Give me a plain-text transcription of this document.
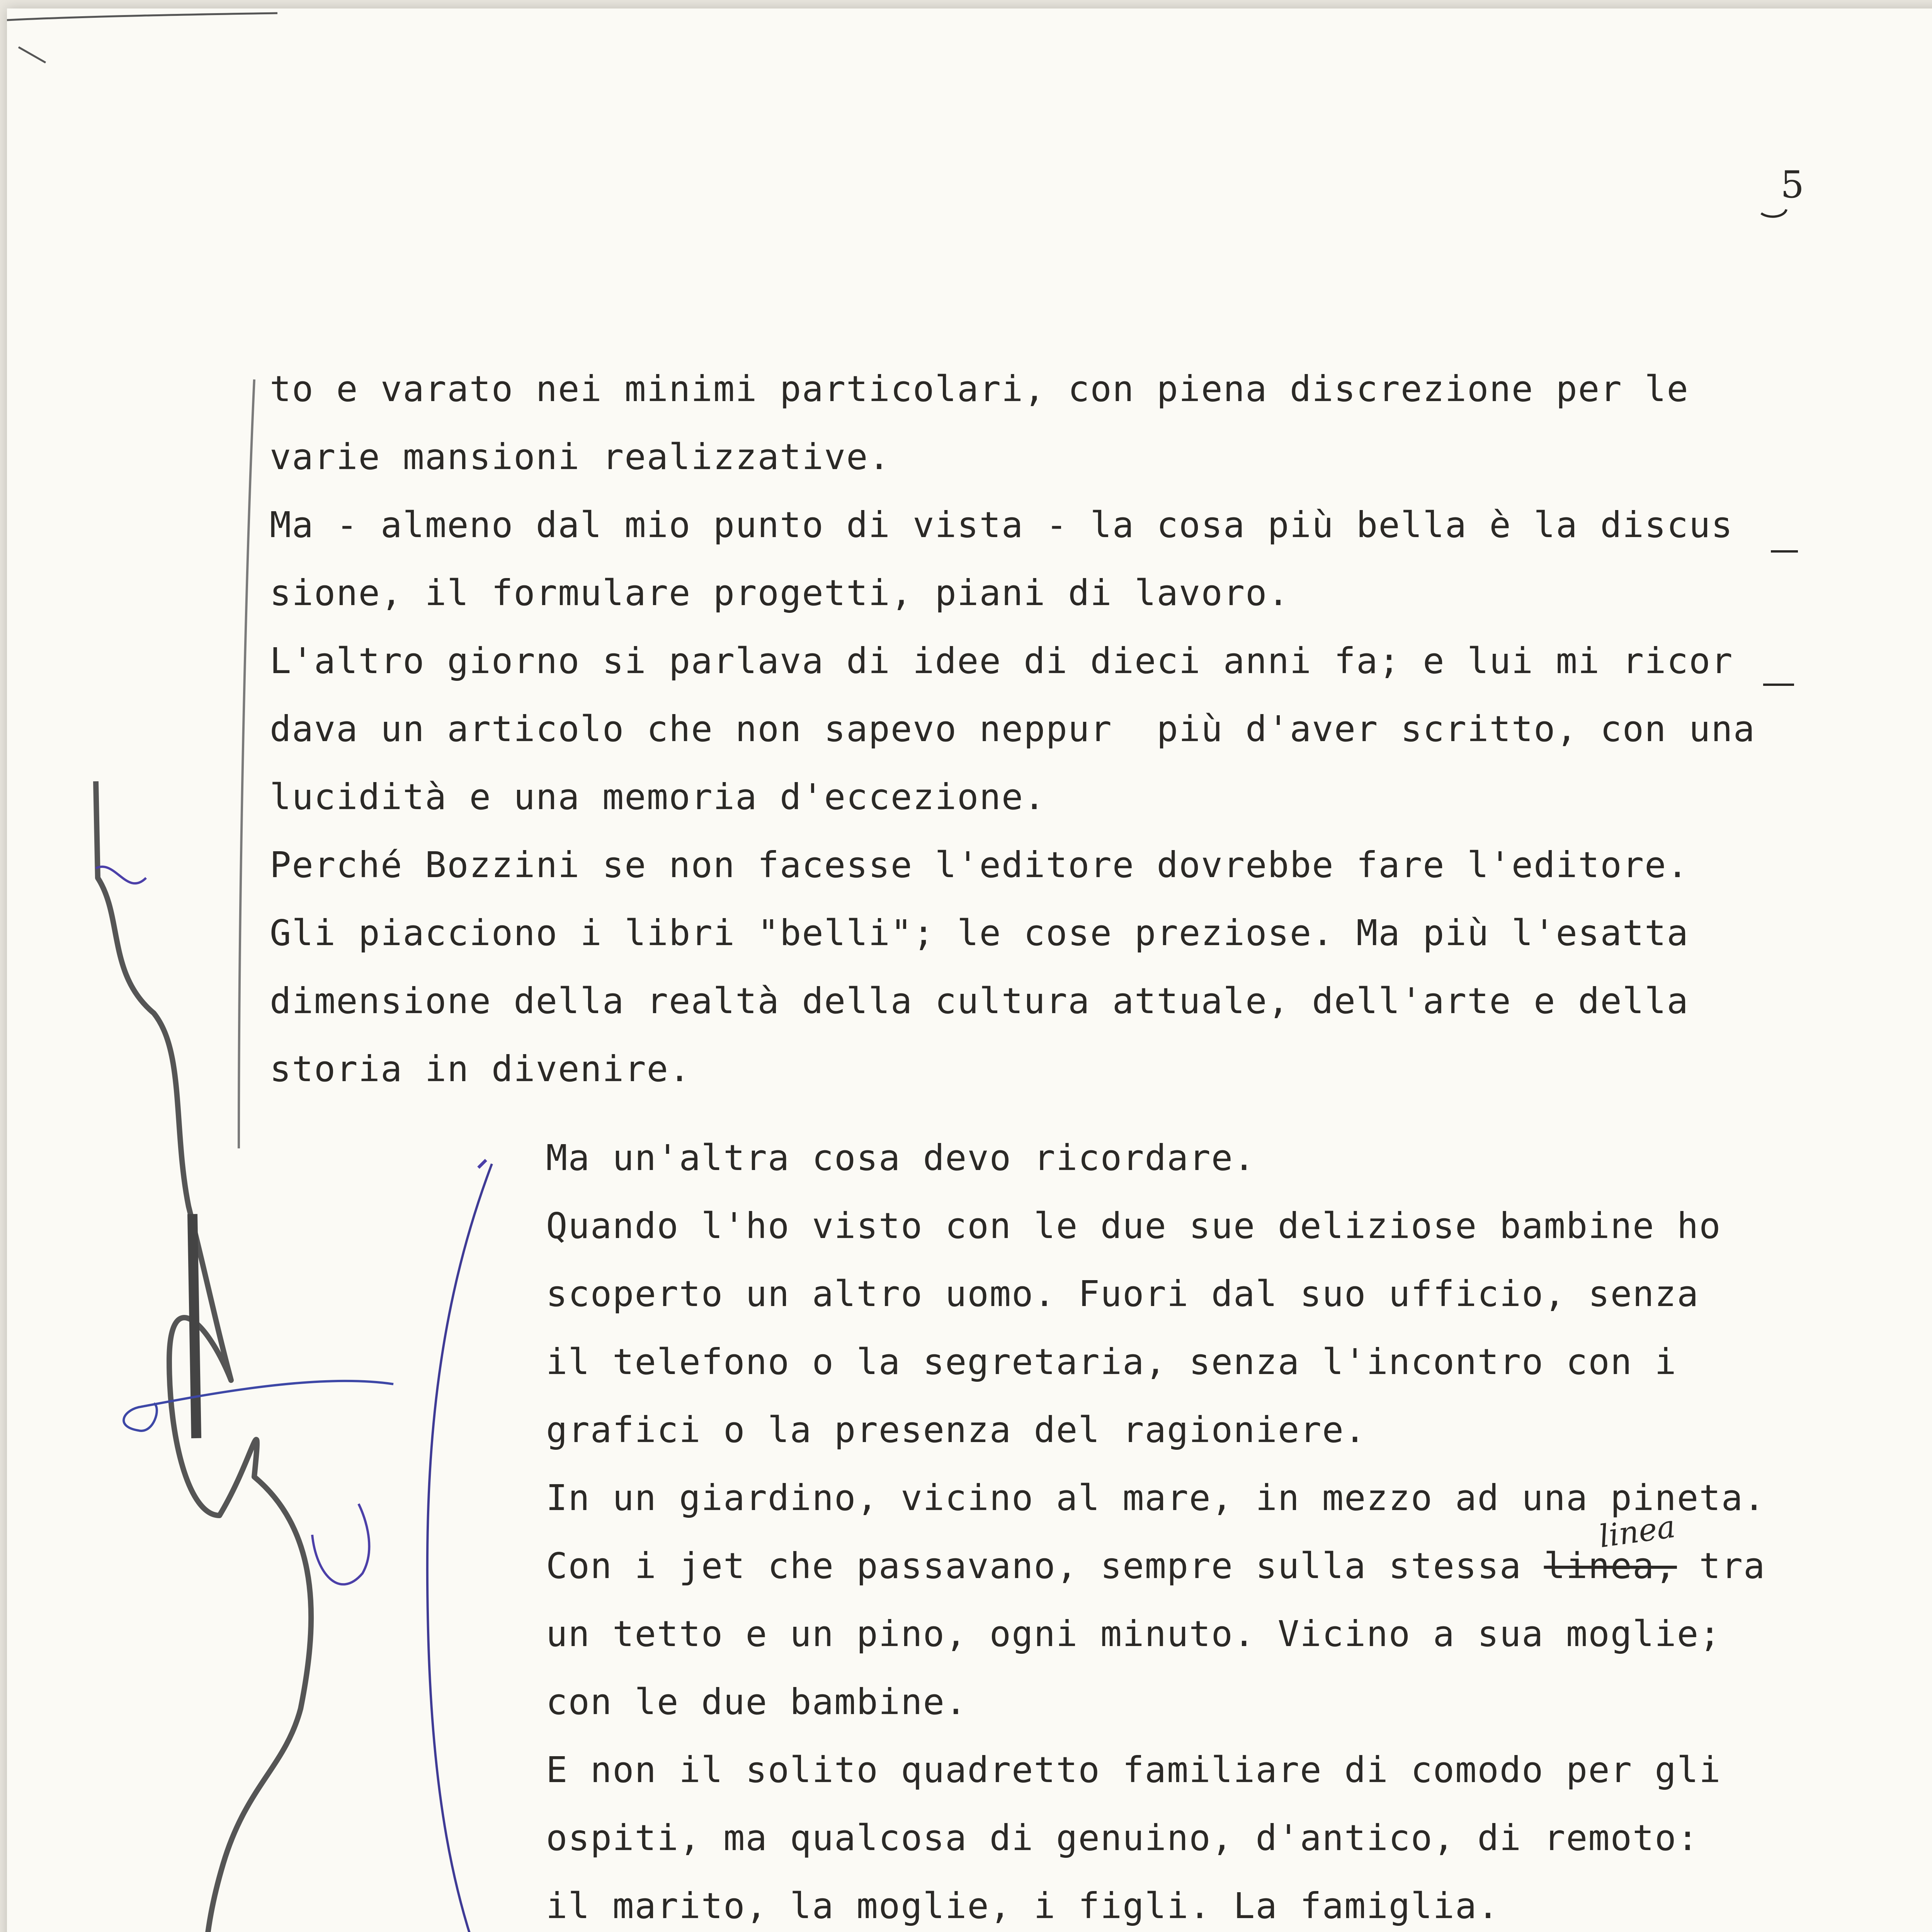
5

to e varato nei minimi particolari, con piena discrezione per le

varie mansioni realizzative.

Ma - almeno dal mio punto di vista - la cosa più bella è la discus

sione, il formulare progetti, piani di lavoro.

L'altro giorno si parlava di idee di dieci anni fa; e lui mi ricor

dava un articolo che non sapevo neppur  più d'aver scritto, con una

lucidità e una memoria d'eccezione.

Perché Bozzini se non facesse l'editore dovrebbe fare l'editore.

Gli piacciono i libri "belli"; le cose preziose. Ma più l'esatta

dimensione della realtà della cultura attuale, dell'arte e della

storia in divenire.

Ma un'altra cosa devo ricordare.

Quando l'ho visto con le due sue deliziose bambine ho

scoperto un altro uomo. Fuori dal suo ufficio, senza

il telefono o la segretaria, senza l'incontro con i

grafici o la presenza del ragioniere.

In un giardino, vicino al mare, in mezzo ad una pineta.

Con i jet che passavano, sempre sulla stessa linea, tra

un tetto e un pino, ogni minuto. Vicino a sua moglie;

con le due bambine.

E non il solito quadretto familiare di comodo per gli

ospiti, ma qualcosa di genuino, d'antico, di remoto:

il marito, la moglie, i figli. La famiglia.

linea
